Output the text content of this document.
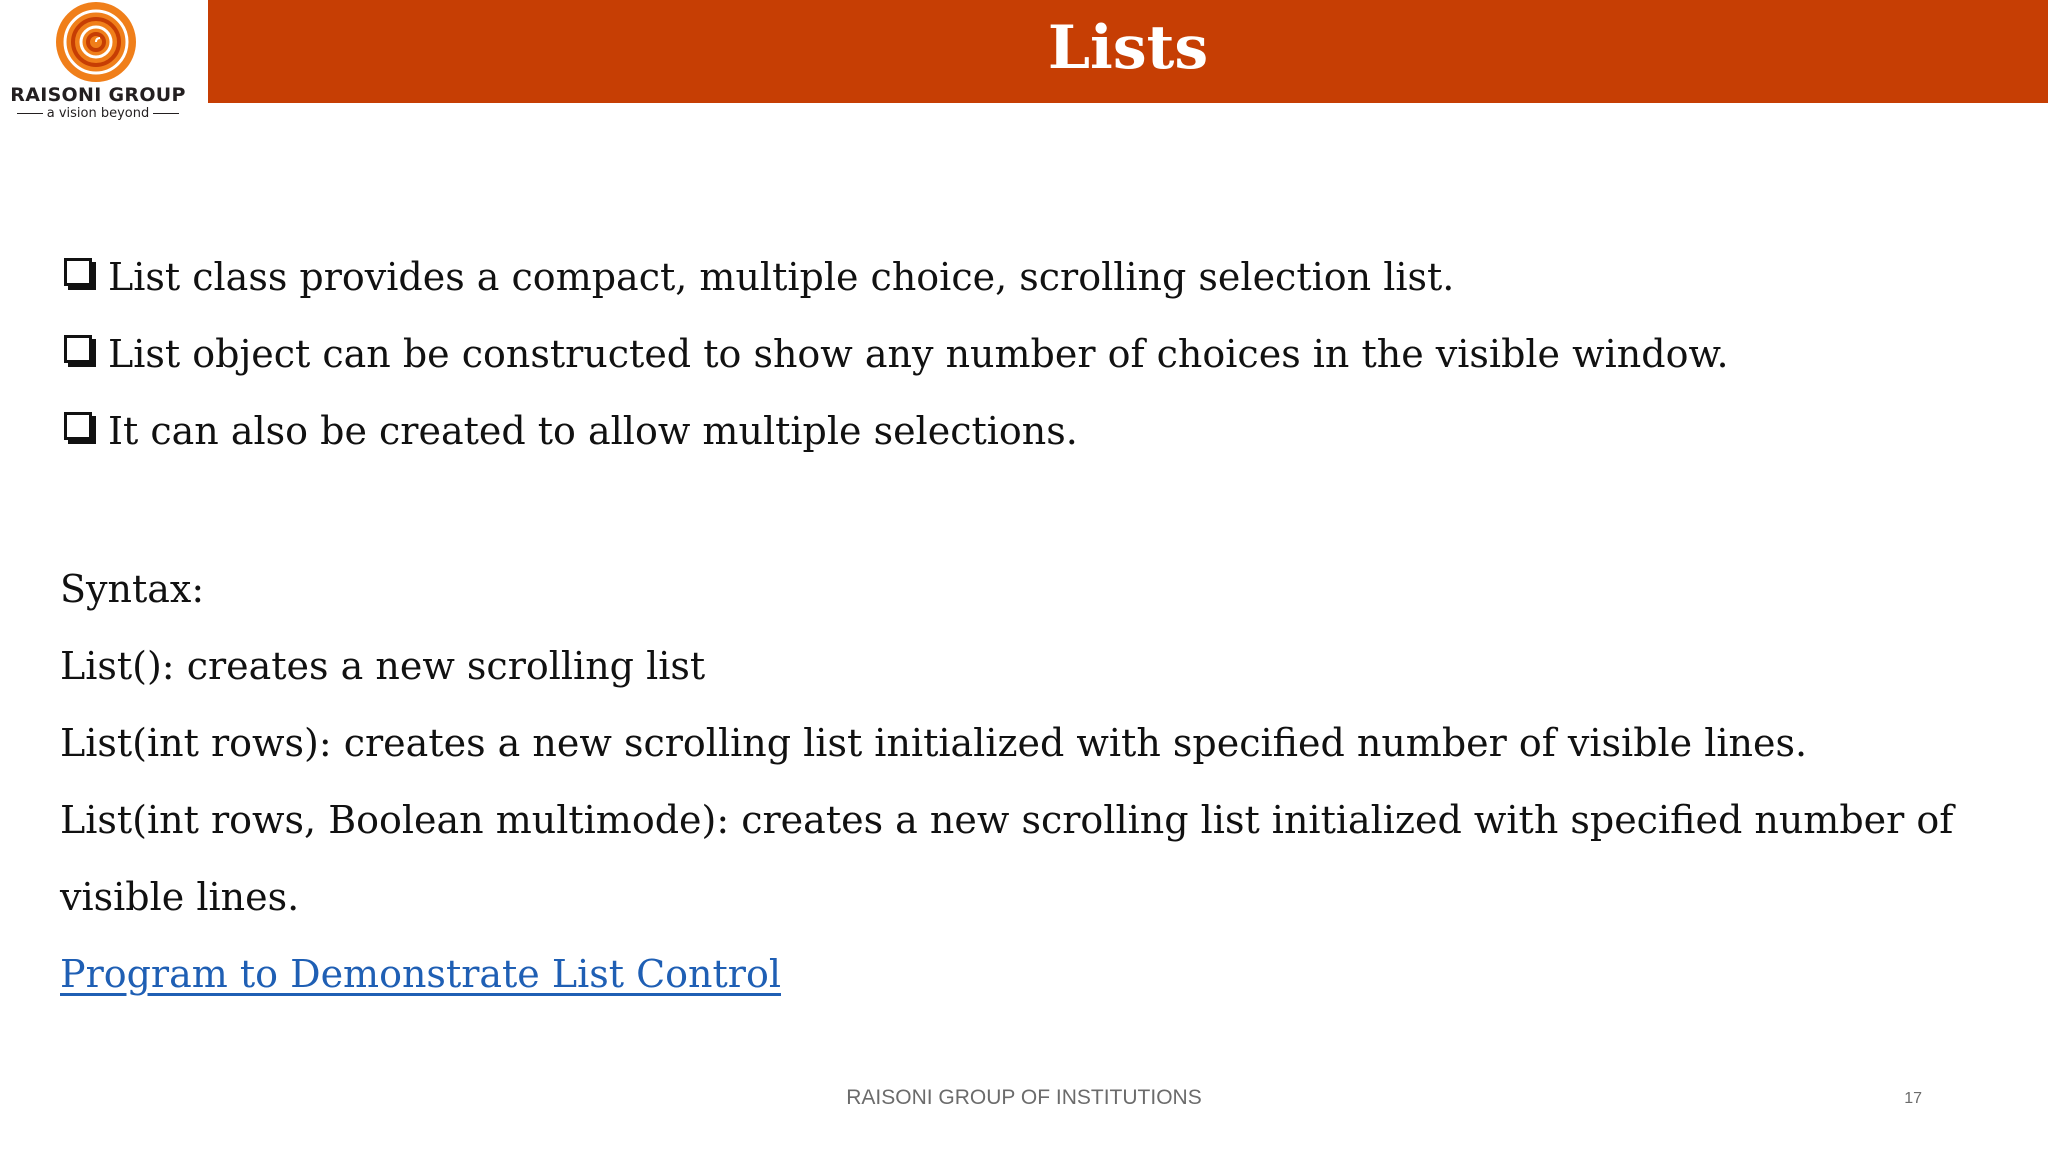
RAISONI GROUP
a vision beyond
Lists
List class provides a compact, multiple choice, scrolling selection list.
List object can be constructed to show any number of choices in the visible window.
It can also be created to allow multiple selections.
Syntax:
List(): creates a new scrolling list
List(int rows): creates a new scrolling list initialized with specified number of visible lines.
List(int rows, Boolean multimode): creates a new scrolling list initialized with specified number of
visible lines.
Program to Demonstrate List Control
RAISONI GROUP OF INSTITUTIONS	17
